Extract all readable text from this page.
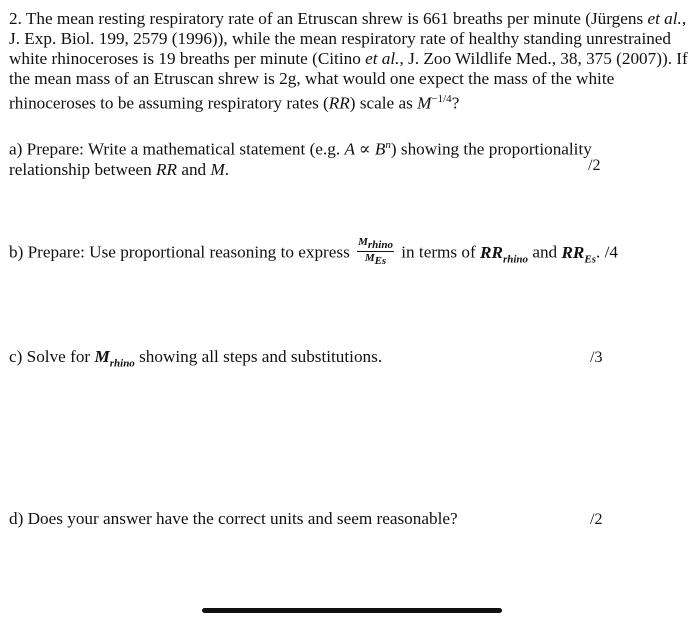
2. The mean resting respiratory rate of an Etruscan shrew is 661 breaths per minute (Jürgens et al., J. Exp. Biol. 199, 2579 (1996)), while the mean respiratory rate of healthy standing unrestrained white rhinoceroses is 19 breaths per minute (Citino et al., J. Zoo Wildlife Med., 38, 375 (2007)). If the mean mass of an Etruscan shrew is 2g, what would one expect the mass of the white rhinoceroses to be assuming respiratory rates (RR) scale as $M^{-1/4}$?

a) Prepare: Write a mathematical statement (e.g. $A \propto B^n$) showing the proportionality relationship between RR and M.	/2

b) Prepare: Use proportional reasoning to express $\frac{M_{rhino}}{M_{Es}}$ in terms of $RR_{rhino}$ and $RR_{Es}$. /4

c) Solve for $M_{rhino}$ showing all steps and substitutions.	/3

d) Does your answer have the correct units and seem reasonable?	/2
